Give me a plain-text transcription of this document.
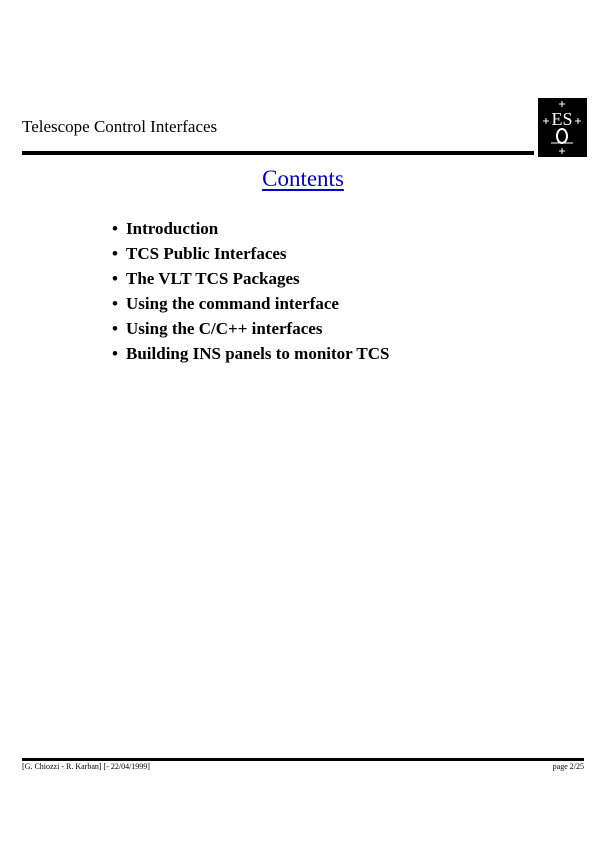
Telescope Control Interfaces	ES
Contents
• Introduction
• TCS Public Interfaces
• The VLT TCS Packages
• Using the command interface
• Using the C/C++ interfaces
• Building INS panels to monitor TCS
[G. Chiozzi - R. Karban] [- 22/04/1999]	page 2/25
